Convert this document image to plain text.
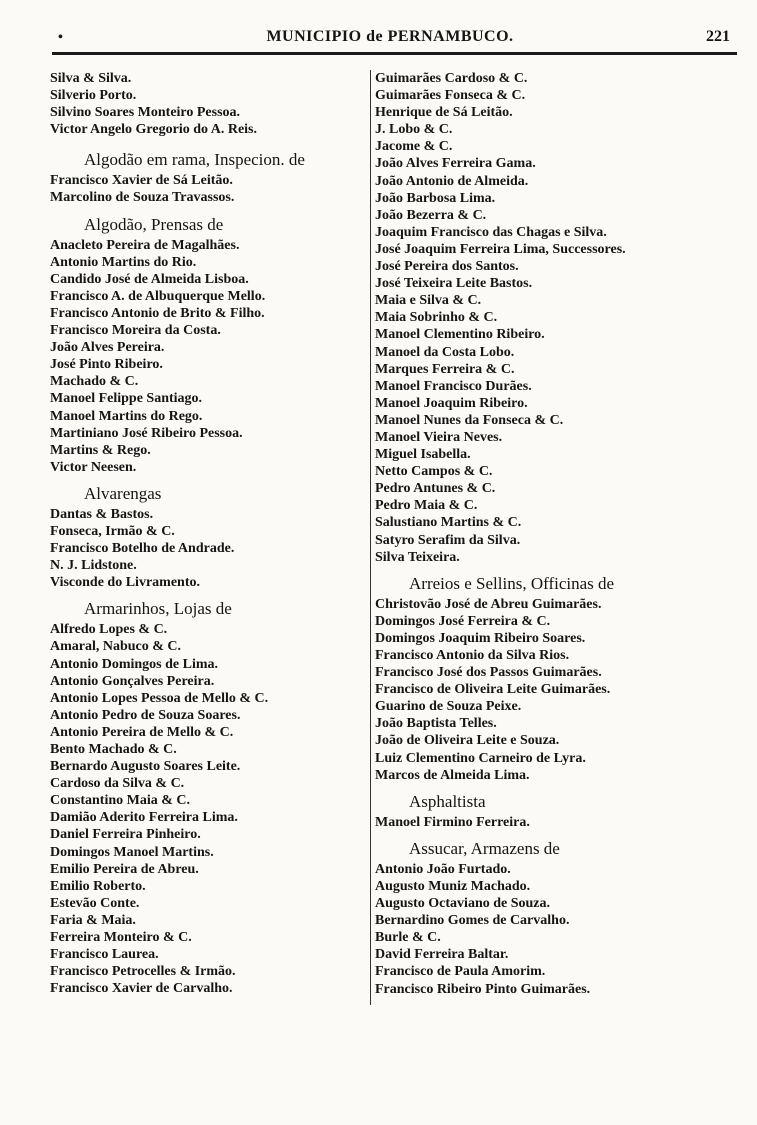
•	MUNICIPIO de PERNAMBUCO.	221
Silva & Silva.
Silverio Porto.
Silvino Soares Monteiro Pessoa.
Victor Angelo Gregorio do A. Reis.
Algodão em rama, Inspecion. de
Francisco Xavier de Sá Leitão.
Marcolino de Souza Travassos.
Algodão, Prensas de
Anacleto Pereira de Magalhães.
Antonio Martins do Rio.
Candido José de Almeida Lisboa.
Francisco A. de Albuquerque Mello.
Francisco Antonio de Brito & Filho.
Francisco Moreira da Costa.
João Alves Pereira.
José Pinto Ribeiro.
Machado & C.
Manoel Felippe Santiago.
Manoel Martins do Rego.
Martiniano José Ribeiro Pessoa.
Martins & Rego.
Victor Neesen.
Alvarengas
Dantas & Bastos.
Fonseca, Irmão & C.
Francisco Botelho de Andrade.
N. J. Lidstone.
Visconde do Livramento.
Armarinhos, Lojas de
Alfredo Lopes & C.
Amaral, Nabuco & C.
Antonio Domingos de Lima.
Antonio Gonçalves Pereira.
Antonio Lopes Pessoa de Mello & C.
Antonio Pedro de Souza Soares.
Antonio Pereira de Mello & C.
Bento Machado & C.
Bernardo Augusto Soares Leite.
Cardoso da Silva & C.
Constantino Maia & C.
Damião Aderito Ferreira Lima.
Daniel Ferreira Pinheiro.
Domingos Manoel Martins.
Emilio Pereira de Abreu.
Emilio Roberto.
Estevão Conte.
Faria & Maia.
Ferreira Monteiro & C.
Francisco Laurea.
Francisco Petrocelles & Irmão.
Francisco Xavier de Carvalho.
Guimarães Cardoso & C.
Guimarães Fonseca & C.
Henrique de Sá Leitão.
J. Lobo & C.
Jacome & C.
João Alves Ferreira Gama.
João Antonio de Almeida.
João Barbosa Lima.
João Bezerra & C.
Joaquim Francisco das Chagas e Silva.
José Joaquim Ferreira Lima, Successores.
José Pereira dos Santos.
José Teixeira Leite Bastos.
Maia e Silva & C.
Maia Sobrinho & C.
Manoel Clementino Ribeiro.
Manoel da Costa Lobo.
Marques Ferreira & C.
Manoel Francisco Durães.
Manoel Joaquim Ribeiro.
Manoel Nunes da Fonseca & C.
Manoel Vieira Neves.
Miguel Isabella.
Netto Campos & C.
Pedro Antunes & C.
Pedro Maia & C.
Salustiano Martins & C.
Satyro Serafim da Silva.
Silva Teixeira.
Arreios e Sellins, Officinas de
Christovão José de Abreu Guimarães.
Domingos José Ferreira & C.
Domingos Joaquim Ribeiro Soares.
Francisco Antonio da Silva Rios.
Francisco José dos Passos Guimarães.
Francisco de Oliveira Leite Guimarães.
Guarino de Souza Peixe.
João Baptista Telles.
João de Oliveira Leite e Souza.
Luiz Clementino Carneiro de Lyra.
Marcos de Almeida Lima.
Asphaltista
Manoel Firmino Ferreira.
Assucar, Armazens de
Antonio João Furtado.
Augusto Muniz Machado.
Augusto Octaviano de Souza.
Bernardino Gomes de Carvalho.
Burle & C.
David Ferreira Baltar.
Francisco de Paula Amorim.
Francisco Ribeiro Pinto Guimarães.
